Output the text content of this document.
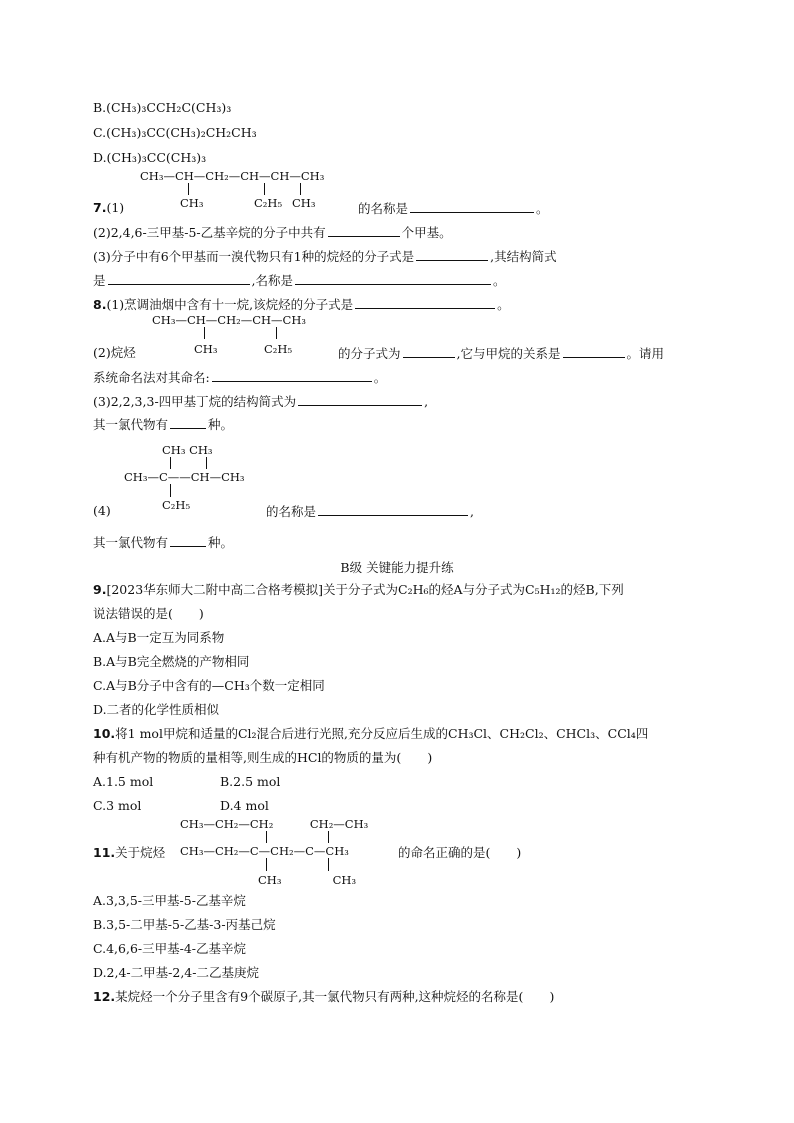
B.(CH₃)₃CCH₂C(CH₃)₃
C.(CH₃)₃CC(CH₃)₂CH₂CH₃
D.(CH₃)₃CC(CH₃)₃

CH₃—CH—CH₂—CH—CH—CH₃

CH₃

	C₂H₅

CH₃

7.(1)	的名称是	。
(2)2,4,6-三甲基-5-乙基辛烷的分子中共有	个甲基。
(3)分子中有6个甲基而一溴代物只有1种的烷烃的分子式是	,其结构简式
是	,名称是	。
8.(1)烹调油烟中含有十一烷,该烷烃的分子式是	。

CH₃—CH—CH₂—CH—CH₃

CH₃

	C₂H₅

(2)烷烃	的分子式为	,它与甲烷的关系是	。请用
系统命名法对其命名:	。
(3)2,2,3,3-四甲基丁烷的结构简式为	,
其一氯代物有	种。

CH₃ CH₃

CH₃—C——CH—CH₃

C₂H₅

(4)	的名称是	,
其一氯代物有	种。
B级 关键能力提升练
9.[2023华东师大二附中高二合格考模拟]关于分子式为C₂H₆的烃A与分子式为C₅H₁₂的烃B,下列
说法错误的是( )
A.A与B一定互为同系物
B.A与B完全燃烧的产物相同
C.A与B分子中含有的—CH₃个数一定相同
D.二者的化学性质相似
10.将1 mol甲烷和适量的Cl₂混合后进行光照,充分反应后生成的CH₃Cl、CH₂Cl₂、CHCl₃、CCl₄四
种有机产物的物质的量相等,则生成的HCl的物质的量为( )
A.1.5 mol	B.2.5 mol
C.3 mol	D.4 mol

CH₃—CH₂—CH₂          CH₂—CH₃

CH₃—CH₂—C—CH₂—C—CH₃

CH₃              CH₃

11.关于烷烃	的命名正确的是( )
A.3,3,5-三甲基-5-乙基辛烷
B.3,5-二甲基-5-乙基-3-丙基己烷
C.4,6,6-三甲基-4-乙基辛烷
D.2,4-二甲基-2,4-二乙基庚烷
12.某烷烃一个分子里含有9个碳原子,其一氯代物只有两种,这种烷烃的名称是( )
